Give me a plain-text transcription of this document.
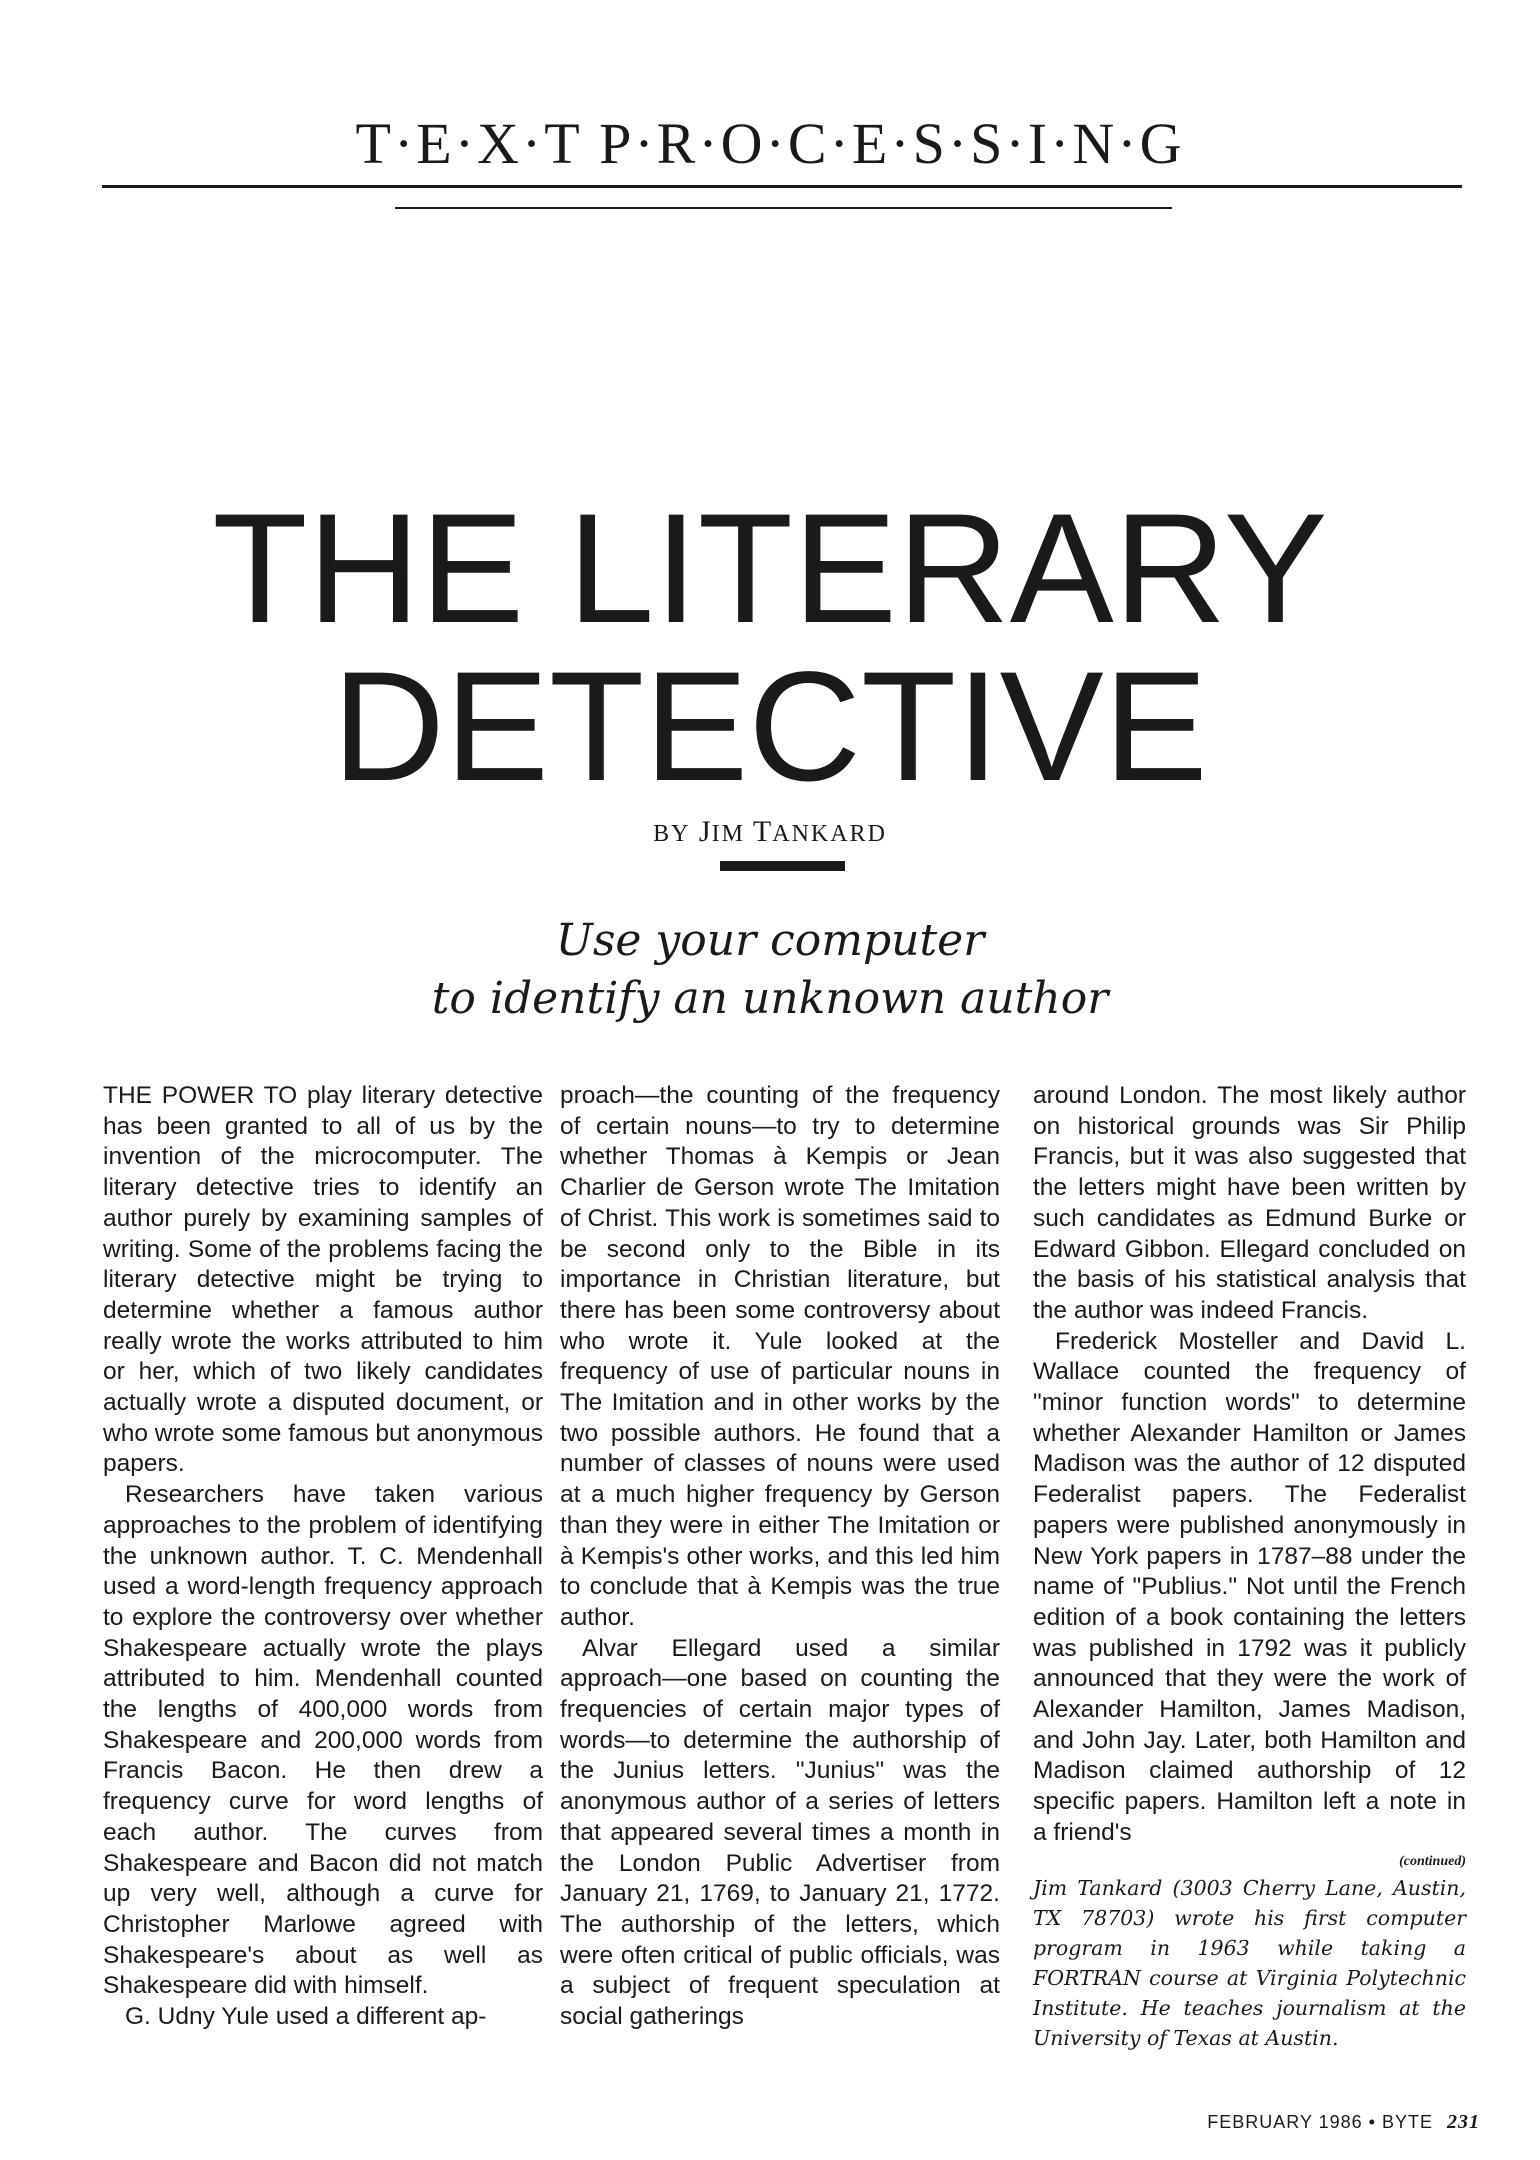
T·E·X·T P·R·O·C·E·S·S·I·N·G
THE LITERARY
DETECTIVE
BY JIM TANKARD
Use your computer
to identify an unknown author

THE POWER TO play literary detective has been granted to all of us by the invention of the microcomputer. The literary detective tries to identify an author purely by examining samples of writing. Some of the problems facing the literary detective might be trying to determine whether a famous author really wrote the works attributed to him or her, which of two likely candidates actually wrote a disputed document, or who wrote some famous but anonymous papers.

Researchers have taken various approaches to the problem of identifying the unknown author. T. C. Mendenhall used a word-length frequency approach to explore the controversy over whether Shakespeare actually wrote the plays attributed to him. Mendenhall counted the lengths of 400,000 words from Shakespeare and 200,000 words from Francis Bacon. He then drew a frequency curve for word lengths of each author. The curves from Shakespeare and Bacon did not match up very well, although a curve for Christopher Marlowe agreed with Shakespeare's about as well as Shakespeare did with himself.

G. Udny Yule used a different ap-

proach—the counting of the frequency of certain nouns—to try to determine whether Thomas à Kempis or Jean Charlier de Gerson wrote The Imitation of Christ. This work is sometimes said to be second only to the Bible in its importance in Christian literature, but there has been some controversy about who wrote it. Yule looked at the frequency of use of particular nouns in The Imitation and in other works by the two possible authors. He found that a number of classes of nouns were used at a much higher frequency by Gerson than they were in either The Imitation or à Kempis's other works, and this led him to conclude that à Kempis was the true author.

Alvar Ellegard used a similar approach—one based on counting the frequencies of certain major types of words—to determine the authorship of the Junius letters. "Junius" was the anonymous author of a series of letters that appeared several times a month in the London Public Advertiser from January 21, 1769, to January 21, 1772. The authorship of the letters, which were often critical of public officials, was a subject of frequent speculation at social gatherings

around London. The most likely author on historical grounds was Sir Philip Francis, but it was also suggested that the letters might have been written by such candidates as Edmund Burke or Edward Gibbon. Ellegard concluded on the basis of his statistical analysis that the author was indeed Francis.

Frederick Mosteller and David L. Wallace counted the frequency of "minor function words" to determine whether Alexander Hamilton or James Madison was the author of 12 disputed Federalist papers. The Federalist papers were published anonymously in New York papers in 1787–88 under the name of "Publius." Not until the French edition of a book containing the letters was published in 1792 was it publicly announced that they were the work of Alexander Hamilton, James Madison, and John Jay. Later, both Hamilton and Madison claimed authorship of 12 specific papers. Hamilton left a note in a friend's

(continued)
Jim Tankard (3003 Cherry Lane, Austin, TX 78703) wrote his first computer program in 1963 while taking a FORTRAN course at Virginia Polytechnic Institute. He teaches journalism at the University of Texas at Austin.
FEBRUARY 1986 • BYTE 231
